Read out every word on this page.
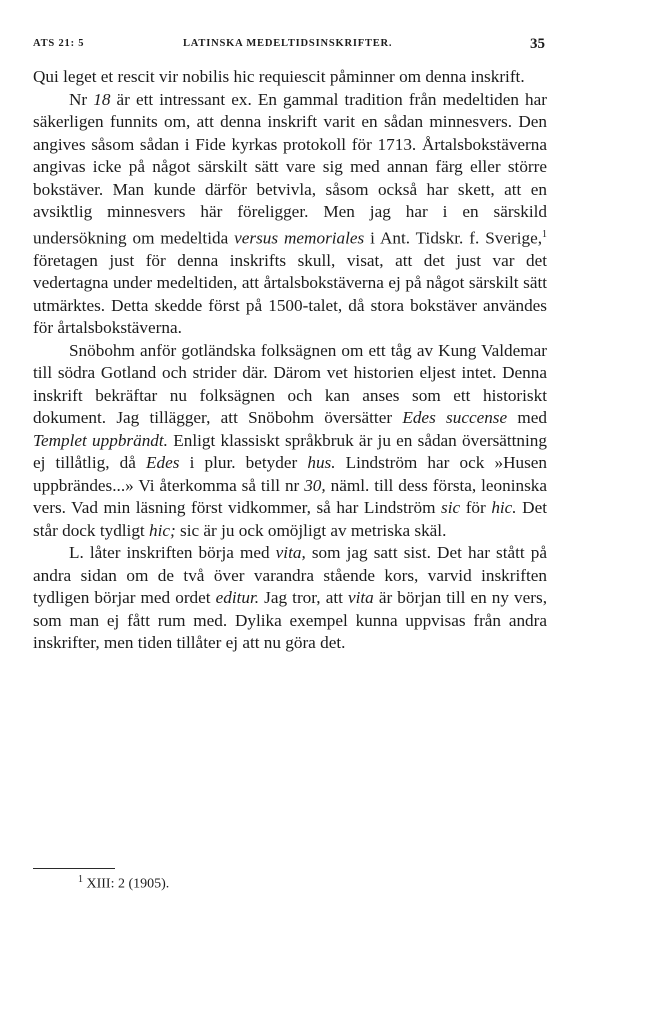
ATS 21: 5	LATINSKA MEDELTIDSINSKRIFTER.	35

Qui leget et rescit vir nobilis hic requiescit påminner om denna inskrift.

Nr 18 är ett intressant ex. En gammal tradition från medeltiden har säkerligen funnits om, att denna inskrift varit en sådan minnesvers. Den angives såsom sådan i Fide kyrkas protokoll för 1713. Årtalsbokstäverna angivas icke på något särskilt sätt vare sig med annan färg eller större bokstäver. Man kunde därför betvivla, såsom också har skett, att en avsiktlig minnesvers här föreligger. Men jag har i en särskild undersökning om medeltida versus memoriales i Ant. Tidskr. f. Sverige,$^1$ företagen just för denna inskrifts skull, visat, att det just var det vedertagna under medeltiden, att årtalsbokstäverna ej på något särskilt sätt utmärktes. Detta skedde först på 1500-talet, då stora bokstäver användes för årtalsbokstäverna.

Snöbohm anför gotländska folksägnen om ett tåg av Kung Valdemar till södra Gotland och strider där. Därom vet historien eljest intet. Denna inskrift bekräftar nu folksägnen och kan anses som ett historiskt dokument. Jag tillägger, att Snöbohm översätter Edes succense med Templet uppbrändt. Enligt klassiskt språkbruk är ju en sådan översättning ej tillåtlig, då Edes i plur. betyder hus. Lindström har ock »Husen uppbrändes...» Vi återkomma så till nr 30, näml. till dess första, leoninska vers. Vad min läsning först vidkommer, så har Lindström sic för hic. Det står dock tydligt hic; sic är ju ock omöjligt av metriska skäl.

L. låter inskriften börja med vita, som jag satt sist. Det har stått på andra sidan om de två över varandra stående kors, varvid inskriften tydligen börjar med ordet editur. Jag tror, att vita är början till en ny vers, som man ej fått rum med. Dylika exempel kunna uppvisas från andra inskrifter, men tiden tillåter ej att nu göra det.

$^1$ XIII: 2 (1905).
